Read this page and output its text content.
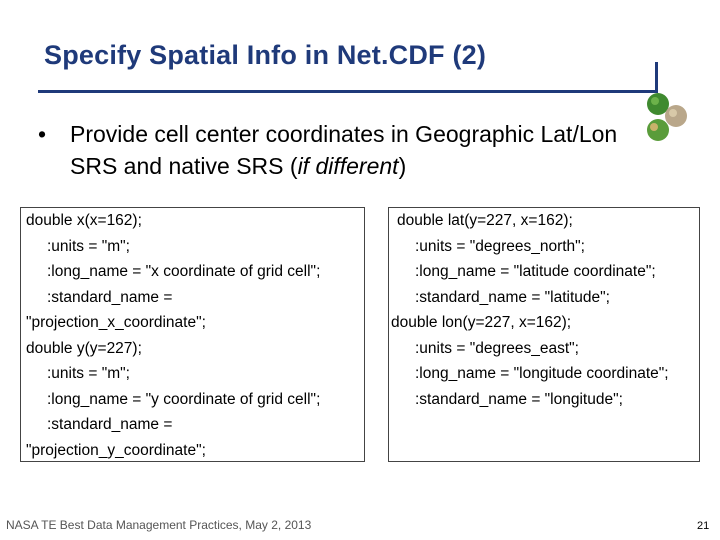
Specify Spatial Info in Net.CDF (2)
• Provide cell center coordinates in Geographic Lat/Lon SRS and native SRS (if different)
double x(x=162);
:units = "m";
:long_name = "x coordinate of grid cell";
:standard_name =
"projection_x_coordinate";
double y(y=227);
:units = "m";
:long_name = "y coordinate of grid cell";
:standard_name =
"projection_y_coordinate";
double lat(y=227, x=162);
:units = "degrees_north";
:long_name = "latitude coordinate";
:standard_name = "latitude";
double lon(y=227, x=162);
:units = "degrees_east";
:long_name = "longitude coordinate";
:standard_name = "longitude";
NASA TE Best Data Management Practices, May 2, 2013	21
